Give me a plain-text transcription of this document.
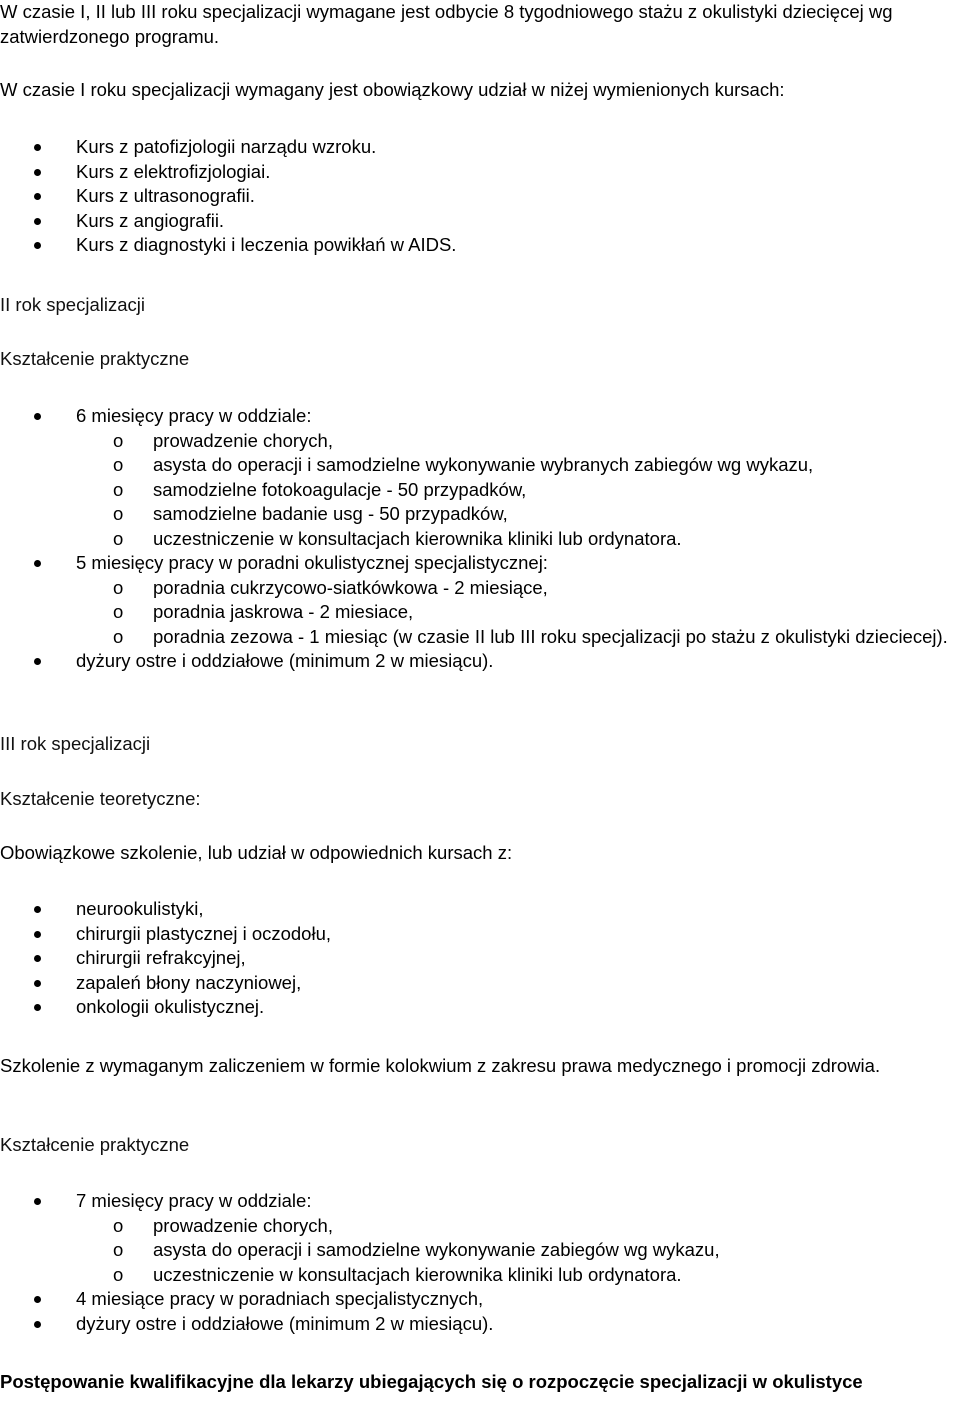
W czasie I, II lub III roku specjalizacji wymagane jest odbycie 8 tygodniowego stażu z okulistyki dziecięcej wg zatwierdzonego programu.

W czasie I roku specjalizacji wymagany jest obowiązkowy udział w niżej wymienionych kursach:

Kurs z patofizjologii narządu wzroku.
Kurs z elektrofizjologiai.
Kurs z ultrasonografii.
Kurs z angiografii.
Kurs z diagnostyki i leczenia powikłań w AIDS.

II rok specjalizacji

Kształcenie praktyczne

6 miesięcy pracy w oddziale:
o prowadzenie chorych,
o asysta do operacji i samodzielne wykonywanie wybranych zabiegów wg wykazu,
o samodzielne fotokoagulacje - 50 przypadków,
o samodzielne badanie usg - 50 przypadków,
o uczestniczenie w konsultacjach kierownika kliniki lub ordynatora.
5 miesięcy pracy w poradni okulistycznej specjalistycznej:
o poradnia cukrzycowo-siatkówkowa - 2 miesiące,
o poradnia jaskrowa - 2 miesiace,
o poradnia zezowa - 1 miesiąc (w czasie II lub III roku specjalizacji po stażu z okulistyki dzieciecej).
dyżury ostre i oddziałowe (minimum 2 w miesiącu).

III rok specjalizacji

Kształcenie teoretyczne:

Obowiązkowe szkolenie, lub udział w odpowiednich kursach z:

neurookulistyki,
chirurgii plastycznej i oczodołu,
chirurgii refrakcyjnej,
zapaleń błony naczyniowej,
onkologii okulistycznej.

Szkolenie z wymaganym zaliczeniem w formie kolokwium z zakresu prawa medycznego i promocji zdrowia.

Kształcenie praktyczne

7 miesięcy pracy w oddziale:
o prowadzenie chorych,
o asysta do operacji i samodzielne wykonywanie zabiegów wg wykazu,
o uczestniczenie w konsultacjach kierownika kliniki lub ordynatora.
4 miesiące pracy w poradniach specjalistycznych,
dyżury ostre i oddziałowe (minimum 2 w miesiącu).

Postępowanie kwalifikacyjne dla lekarzy ubiegających się o rozpoczęcie specjalizacji w okulistyce
